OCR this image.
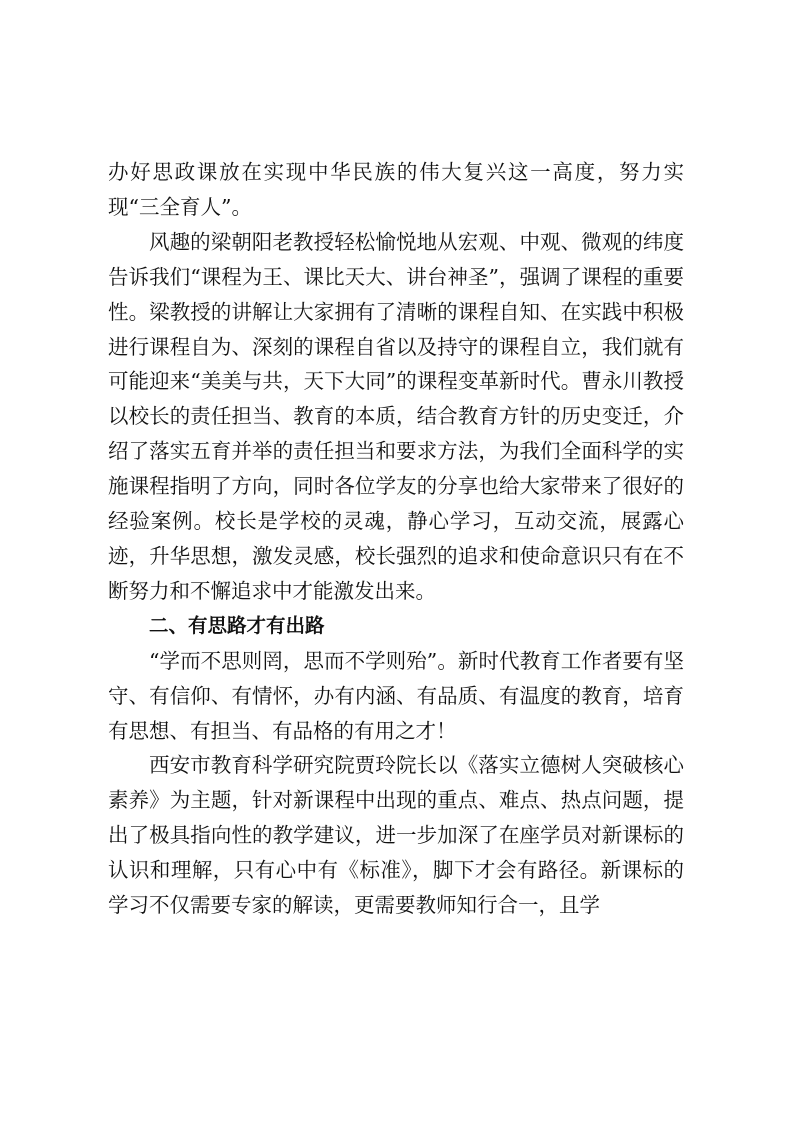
办好思政课放在实现中华民族的伟大复兴这一高度，努力实现“三全育人”。

风趣的梁朝阳老教授轻松愉悦地从宏观、中观、微观的纬度告诉我们“课程为王、课比天大、讲台神圣”，强调了课程的重要性。梁教授的讲解让大家拥有了清晰的课程自知、在实践中积极进行课程自为、深刻的课程自省以及持守的课程自立，我们就有可能迎来“美美与共，天下大同”的课程变革新时代。曹永川教授以校长的责任担当、教育的本质，结合教育方针的历史变迁，介绍了落实五育并举的责任担当和要求方法，为我们全面科学的实施课程指明了方向，同时各位学友的分享也给大家带来了很好的经验案例。校长是学校的灵魂，静心学习，互动交流，展露心迹，升华思想，激发灵感，校长强烈的追求和使命意识只有在不断努力和不懈追求中才能激发出来。

二、有思路才有出路

“学而不思则罔，思而不学则殆”。新时代教育工作者要有坚守、有信仰、有情怀，办有内涵、有品质、有温度的教育，培育有思想、有担当、有品格的有用之才！

西安市教育科学研究院贾玲院长以《落实立德树人突破核心素养》为主题，针对新课程中出现的重点、难点、热点问题，提出了极具指向性的教学建议，进一步加深了在座学员对新课标的认识和理解，只有心中有《标准》，脚下才会有路径。新课标的学习不仅需要专家的解读，更需要教师知行合一，且学
